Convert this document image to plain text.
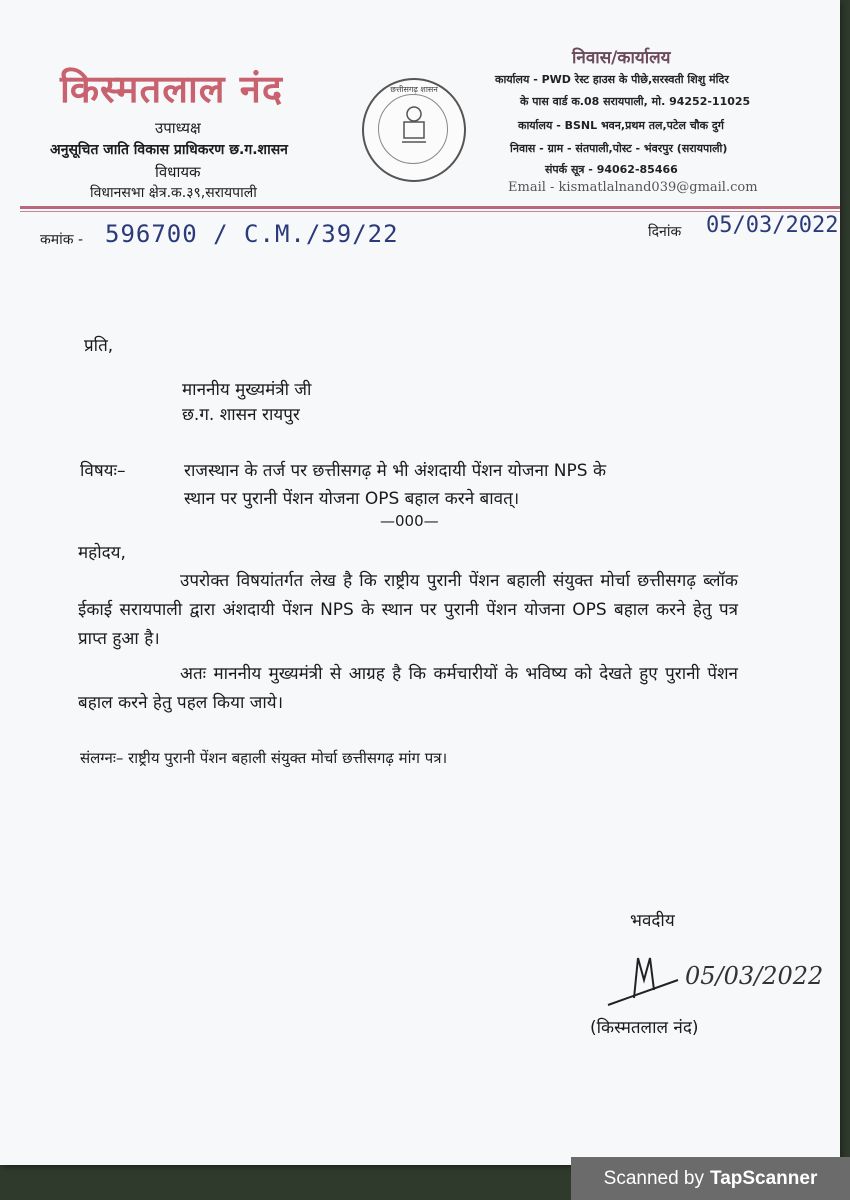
किस्मतलाल नंद
उपाध्यक्ष
अनुसूचित जाति विकास प्राधिकरण छ.ग.शासन
विधायक
विधानसभा क्षेत्र.क.३९,सरायपाली
छत्तीसगढ़ शासन
निवास/कार्यालय
कार्यालय - PWD रेस्ट हाउस के पीछे,सरस्वती शिशु मंदिर
के पास वार्ड क.08 सरायपाली, मो. 94252-11025
कार्यालय - BSNL भवन,प्रथम तल,पटेल चौक दुर्ग
निवास - ग्राम - संतपाली,पोस्ट - भंवरपुर (सरायपाली)
संपर्क सूत्र - 94062-85466
Email - kismatlalnand039@gmail.com
कमांक - 596700 / C.M./39/22	दिनांक 05/03/2022
प्रति,
माननीय मुख्यमंत्री जी
छ.ग. शासन रायपुर
विषयः–	राजस्थान के तर्ज पर छत्तीसगढ़ मे भी अंशदायी पेंशन योजना NPS के
स्थान पर पुरानी पेंशन योजना OPS बहाल करने बावत्।
—000—
महोदय,
उपरोक्त विषयांतर्गत लेख है कि राष्ट्रीय पुरानी पेंशन बहाली संयुक्त मोर्चा छत्तीसगढ़ ब्लॉक ईकाई सरायपाली द्वारा अंशदायी पेंशन NPS के स्थान पर पुरानी पेंशन योजना OPS बहाल करने हेतु पत्र प्राप्त हुआ है।
अतः माननीय मुख्यमंत्री से आग्रह है कि कर्मचारीयों के भविष्य को देखते हुए पुरानी पेंशन बहाल करने हेतु पहल किया जाये।
संलग्नः– राष्ट्रीय पुरानी पेंशन बहाली संयुक्त मोर्चा छत्तीसगढ़ मांग पत्र।
भवदीय
05/03/2022
(किस्मतलाल नंद)
Scanned by TapScanner
